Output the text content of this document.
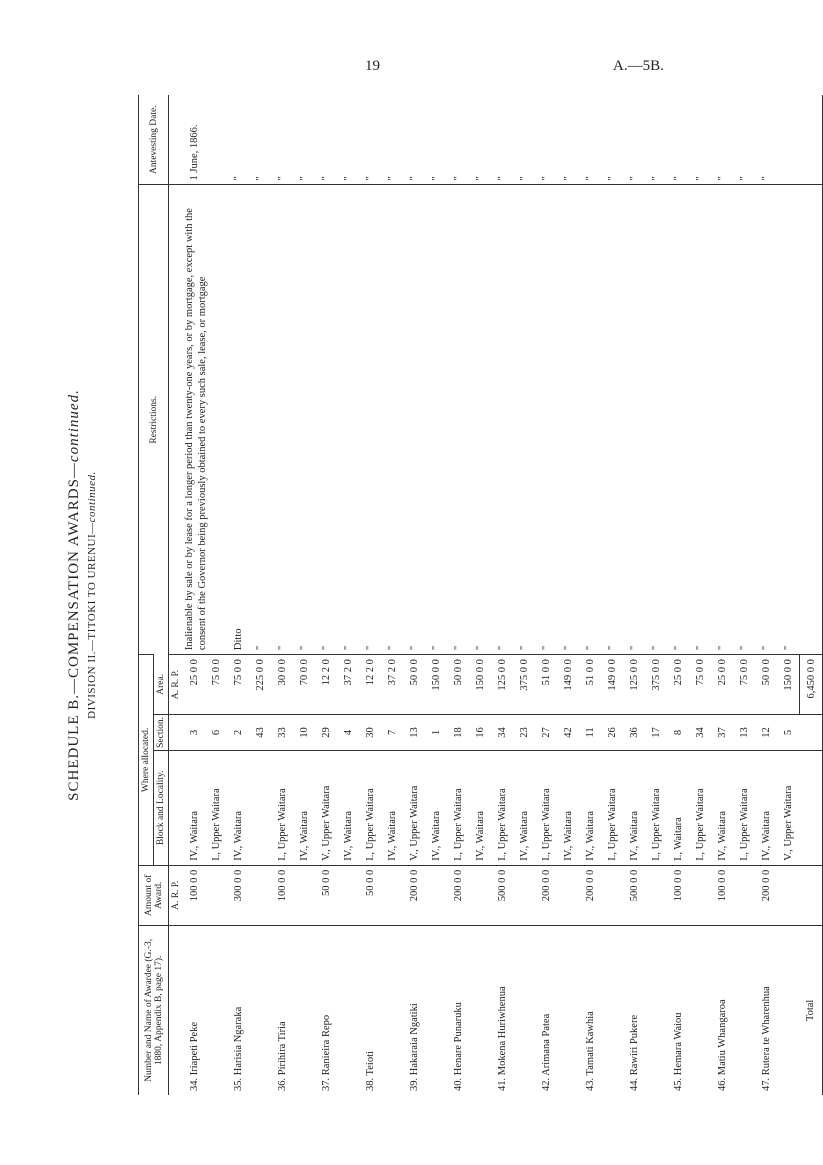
19	A.—5B.
SCHEDULE B.—COMPENSATION AWARDS—continued.
DIVISION II.—TITOKI TO URENUI—continued.
Number and Name of Awardee (G.-3, 1880, Appendix B, page 17).	Amount of Award.	Where allocated.			Restrictions.	Antevesting Date.
		Block and Locality.	Section.	Area.		
	A. R. P.			A. R. P.		
34. Iriapeti Peke	100 0 0	IV., Waitara	3	25 0 0	Inalienable by sale or by lease for a longer period than twenty-one years, or by mortgage, except with the consent of the Governor being previously obtained to every such sale, lease, or mortgage	1 June, 1866.
		I., Upper Waitara	6	75 0 0		
35. Harisia Ngaraka	300 0 0	IV., Waitara	2	75 0 0	Ditto	"
			43	225 0 0	"	"
36. Pirihira Tiria	100 0 0	I., Upper Waitara	33	30 0 0	"	"
		IV., Waitara	10	70 0 0	"	"
37. Ranieira Repo	50 0 0	V., Upper Waitara	29	12 2 0	"	"
		IV., Waitara	4	37 2 0	"	"
38. Teioti	50 0 0	I., Upper Waitara	30	12 2 0	"	"
		IV., Waitara	7	37 2 0	"	"
39. Hakaraia Ngatiki	200 0 0	V., Upper Waitara	13	50 0 0	"	"
		IV., Waitara	1	150 0 0	"	"
40. Henare Punaruku	200 0 0	I., Upper Waitara	18	50 0 0	"	"
		IV., Waitara	16	150 0 0	"	"
41. Mokena Huriwhenua	500 0 0	I., Upper Waitara	34	125 0 0	"	"
		IV., Waitara	23	375 0 0	"	"
42. Arimana Patea	200 0 0	I., Upper Waitara	27	51 0 0	"	"
		IV., Waitara	42	149 0 0	"	"
43. Tamati Kawhia	200 0 0	IV., Waitara	11	51 0 0	"	"
		I., Upper Waitara	26	149 0 0	"	"
44. Rawiri Pukere	500 0 0	IV., Waitara	36	125 0 0	"	"
		I., Upper Waitara	17	375 0 0	"	"
45. Hemara Waiou	100 0 0	I., Waitara	8	25 0 0	"	"
		I., Upper Waitara	34	75 0 0	"	"
46. Matiu Whangaroa	100 0 0	IV., Waitara	37	25 0 0	"	"
		I., Upper Waitara	13	75 0 0	"	"
47. Rutera te Wharenhua	200 0 0	IV., Waitara	12	50 0 0	"	"
		V., Upper Waitara	5	150 0 0	"	
Total				6,450 0 0		
